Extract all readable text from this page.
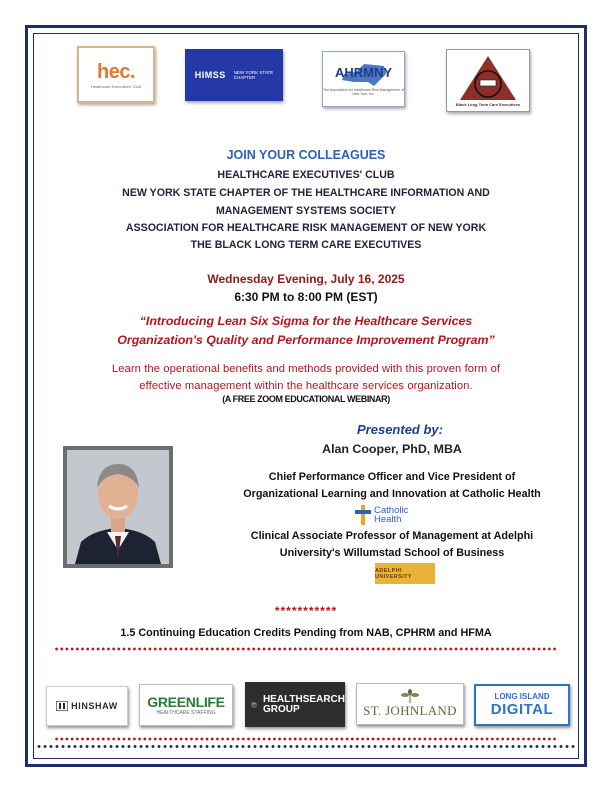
hec.
Healthcare Executives' Club
HIMSS NEW YORK STATE
CHAPTER	AHRMNY
The Association for Healthcare Risk Management of New York, Inc.
Black Long Term Care Executives
JOIN YOUR COLLEAGUES
HEALTHCARE EXECUTIVES' CLUB
NEW YORK STATE CHAPTER OF THE HEALTHCARE INFORMATION AND
MANAGEMENT SYSTEMS SOCIETY
ASSOCIATION FOR HEALTHCARE RISK MANAGEMENT OF NEW YORK
THE BLACK LONG TERM CARE EXECUTIVES
Wednesday Evening, July 16, 2025
6:30 PM to 8:00 PM (EST)
“Introducing Lean Six Sigma for the Healthcare Services
Organization's Quality and Performance Improvement Program”
Learn the operational benefits and methods provided with this proven form of
effective management within the healthcare services organization.
(A FREE ZOOM EDUCATIONAL WEBINAR)
Presented by:
Alan Cooper, PhD, MBA
Chief Performance Officer and Vice President of
Organizational Learning and Innovation at Catholic Health
Catholic
Health
Clinical Associate Professor of Management at Adelphi
University's Willumstad School of Business
ADELPHI UNIVERSITY
***********
1.5 Continuing Education Credits Pending from NAB, CPHRM and HFMA
HINSHAW GREENLIFE
HEALTHCARE STAFFING
HEALTHSEARCH
GROUP	ST. JOHNLAND
LONG ISLAND
DIGITAL
